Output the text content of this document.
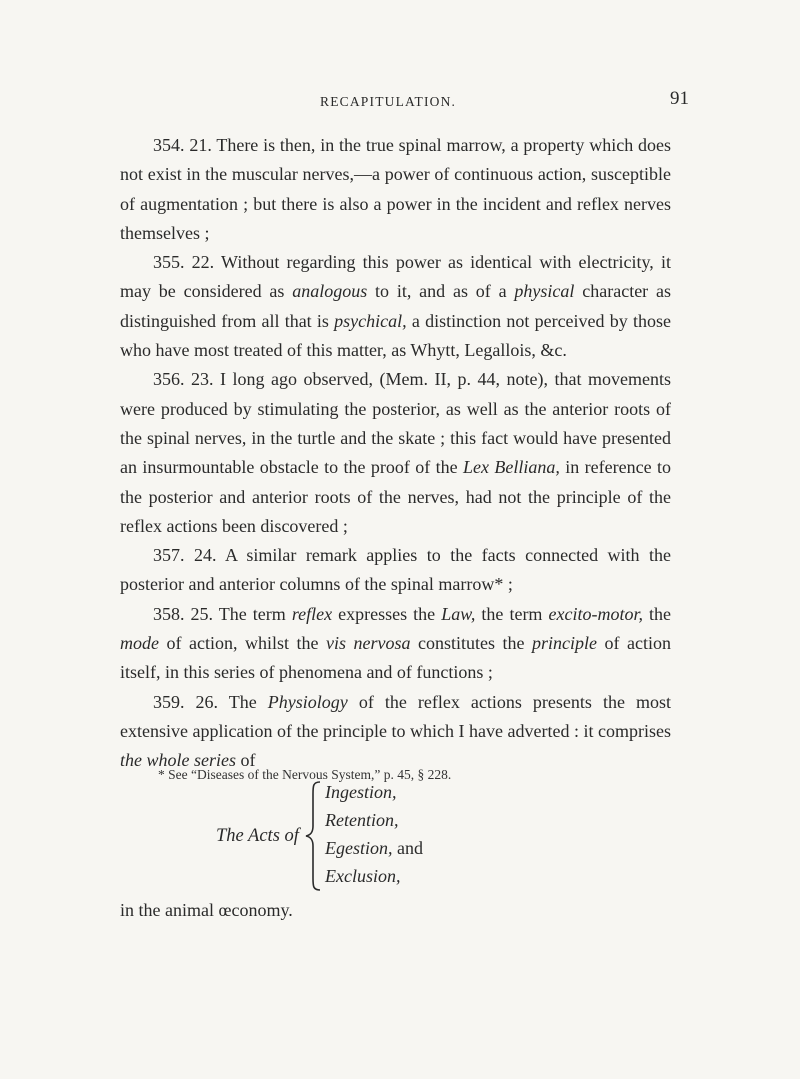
RECAPITULATION.	91

354. 21. There is then, in the true spinal marrow, a property which does not exist in the muscular nerves,—a power of continuous action, susceptible of augmentation ; but there is also a power in the incident and reflex nerves themselves ;

355. 22. Without regarding this power as identical with electricity, it may be considered as analogous to it, and as of a physical character as distinguished from all that is psychical, a distinction not perceived by those who have most treated of this matter, as Whytt, Legallois, &c.

356. 23. I long ago observed, (Mem. II, p. 44, note), that movements were produced by stimulating the posterior, as well as the anterior roots of the spinal nerves, in the turtle and the skate ; this fact would have presented an insurmountable obstacle to the proof of the Lex Belliana, in reference to the posterior and anterior roots of the nerves, had not the principle of the reflex actions been discovered ;

357. 24. A similar remark applies to the facts connected with the posterior and anterior columns of the spinal marrow* ;

358. 25. The term reflex expresses the Law, the term excito-motor, the mode of action, whilst the vis nervosa constitutes the principle of action itself, in this series of phenomena and of functions ;

359. 26. The Physiology of the reflex actions presents the most extensive application of the principle to which I have adverted : it comprises the whole series of

The Acts of
Ingestion,
Retention,
Egestion, and
Exclusion,

in the animal œconomy.

* See “Diseases of the Nervous System,” p. 45, § 228.
